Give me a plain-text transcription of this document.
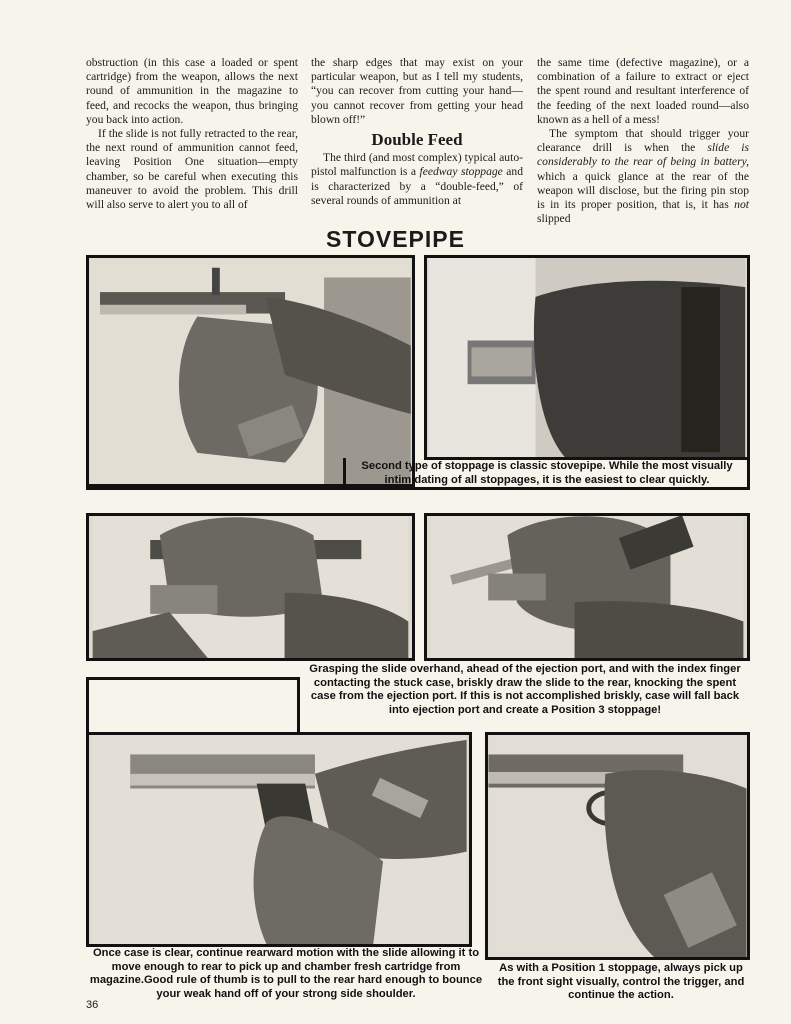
obstruction (in this case a loaded or spent cartridge) from the weapon, allows the next round of ammunition in the magazine to feed, and recocks the weapon, thus bringing you back into action.

If the slide is not fully retracted to the rear, the next round of ammunition cannot feed, leaving Position One situation—empty chamber, so be careful when executing this maneuver to avoid the problem. This drill will also serve to alert you to all of

the sharp edges that may exist on your particular weapon, but as I tell my students, “you can recover from cutting your hand—you cannot recover from getting your head blown off!”

Double Feed

The third (and most complex) typical auto-pistol malfunction is a feedway stoppage and is characterized by a “double-feed,” of several rounds of ammunition at

the same time (defective magazine), or a combination of a failure to extract or eject the spent round and resultant interference of the feeding of the next loaded round—also known as a hell of a mess!

The symptom that should trigger your clearance drill is when the slide is considerably to the rear of being in battery, which a quick glance at the rear of the weapon will disclose, but the firing pin stop is in its proper position, that is, it has not slipped

STOVEPIPE
Second type of stoppage is classic stovepipe. While the most visually intimidating of all stoppages, it is the easiest to clear quickly.
Grasping the slide overhand, ahead of the ejection port, and with the index finger contacting the stuck case, briskly draw the slide to the rear, knocking the spent case from the ejection port. If this is not accomplished briskly, case will fall back into ejection port and create a Position 3 stoppage!
Once case is clear, continue rearward motion with the slide allowing it to move enough to rear to pick up and chamber fresh cartridge from magazine.Good rule of thumb is to pull to the rear hard enough to bounce your weak hand off of your strong side shoulder.
As with a Position 1 stoppage, always pick up the front sight visually, control the trigger, and continue the action.
36
